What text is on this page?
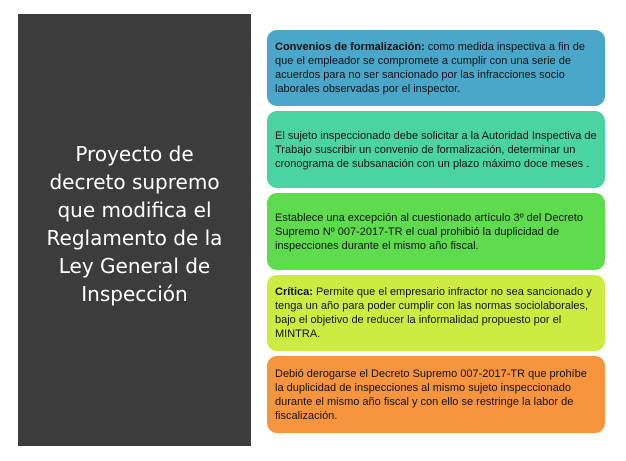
Proyecto de decreto supremo que modifica el Reglamento de la Ley General de Inspección

Convenios de formalización: como medida inspectiva a fin de que el empleador se compromete a cumplir con una serie de acuerdos para no ser sancionado por las infracciones socio laborales observadas por el inspector.

El sujeto inspeccionado debe solicitar a la Autoridad Inspectiva de Trabajo suscribir un convenio de formalización, determinar un cronograma de subsanación con un plazo máximo doce meses .

Establece una excepción al cuestionado artículo 3º del Decreto Supremo Nº 007-2017-TR el cual prohibió la duplicidad de inspecciones durante el mismo año fiscal.

Crítica: Permite que el empresario infractor no sea sancionado y tenga un año para poder cumplir con las normas sociolaborales, bajo el objetivo de reducer la informalidad propuesto por el MINTRA.

Debió derogarse el Decreto Supremo 007-2017-TR que prohíbe la duplicidad de inspecciones al mismo sujeto inspeccionado durante el mismo año fiscal y con ello se restringe la labor de fiscalización.
